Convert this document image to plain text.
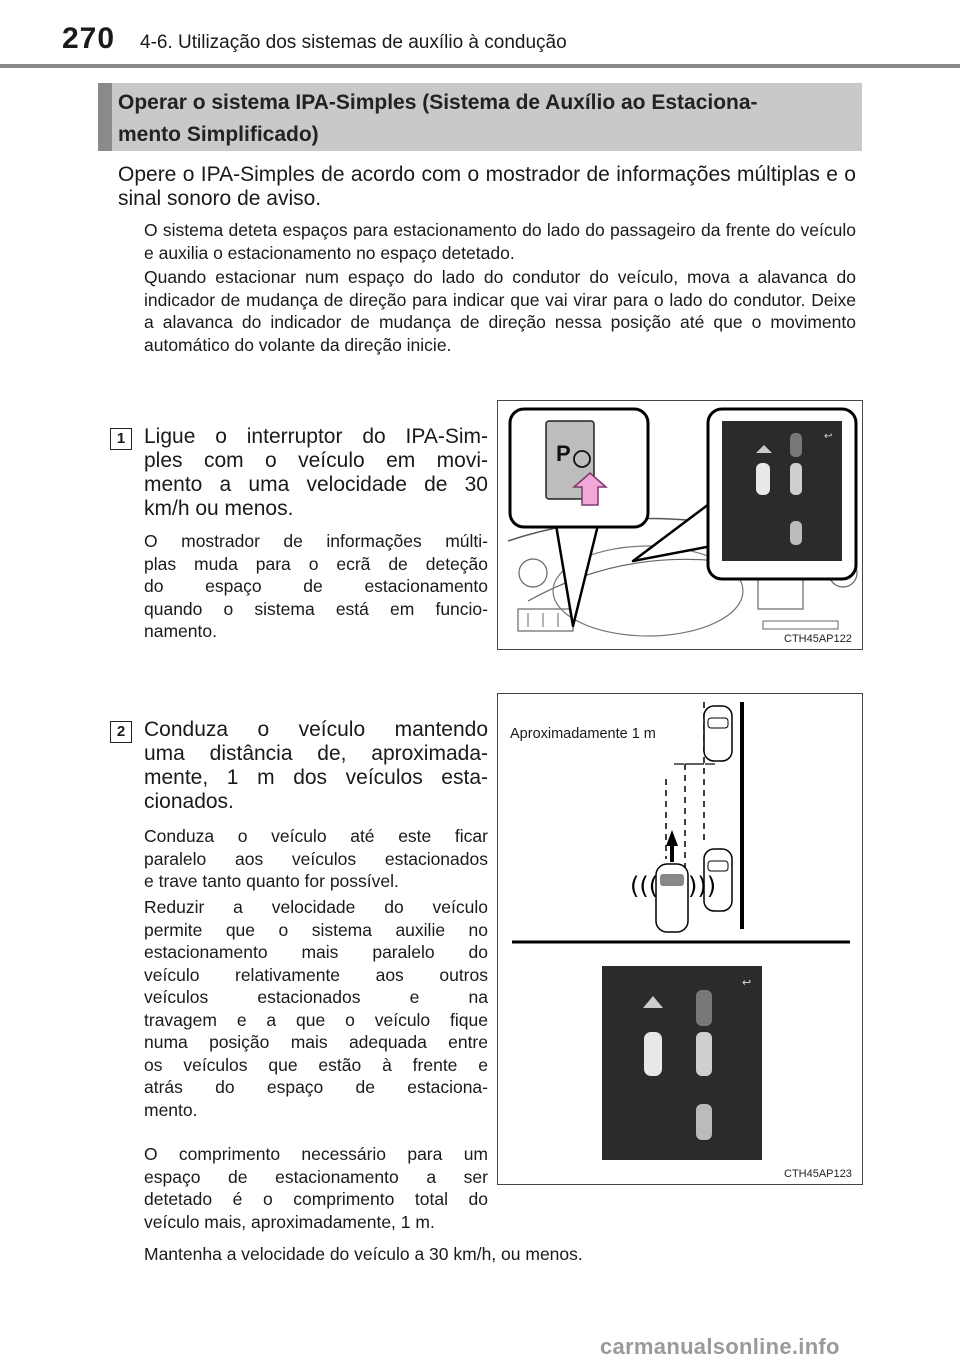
270 4-6. Utilização dos sistemas de auxílio à condução
Operar o sistema IPA-Simples (Sistema de Auxílio ao Estaciona-
mento Simplificado)
Opere o IPA-Simples de acordo com o mostrador de informações múltiplas e o sinal sonoro de aviso.
O sistema deteta espaços para estacionamento do lado do passageiro da frente do veículo e auxilia o estacionamento no espaço detetado.
Quando estacionar num espaço do lado do condutor do veículo, mova a alavanca do indicador de mudança de direção para indicar que vai virar para o lado do condutor. Deixe a alavanca do indicador de mudança de direção nessa posição até que o movimento automático do volante da direção inicie.
1 Ligue o interruptor do IPA-Sim-
ples com o veículo em movi-
mento a uma velocidade de 30
km/h ou menos.
O mostrador de informações múlti-
plas muda para o ecrã de deteção
do espaço de estacionamento
quando o sistema está em funcio-
namento.
P
↩
CTH45AP122
2 Conduza o veículo mantendo
uma distância de, aproximada-
mente, 1 m dos veículos esta-
cionados.
Conduza o veículo até este ficar
paralelo aos veículos estacionados
e trave tanto quanto for possível.
Reduzir a velocidade do veículo
permite que o sistema auxilie no
estacionamento mais paralelo do
veículo relativamente aos outros
veículos estacionados e na
travagem e a que o veículo fique
numa posição mais adequada entre
os veículos que estão à frente e
atrás do espaço de estaciona-
mento.
O comprimento necessário para um
espaço de estacionamento a ser
detetado é o comprimento total do
veículo mais, aproximadamente, 1 m.
Mantenha a velocidade do veículo a 30 km/h, ou menos.
((( )))
↩
Aproximadamente 1 m
CTH45AP123
carmanualsonline.info
